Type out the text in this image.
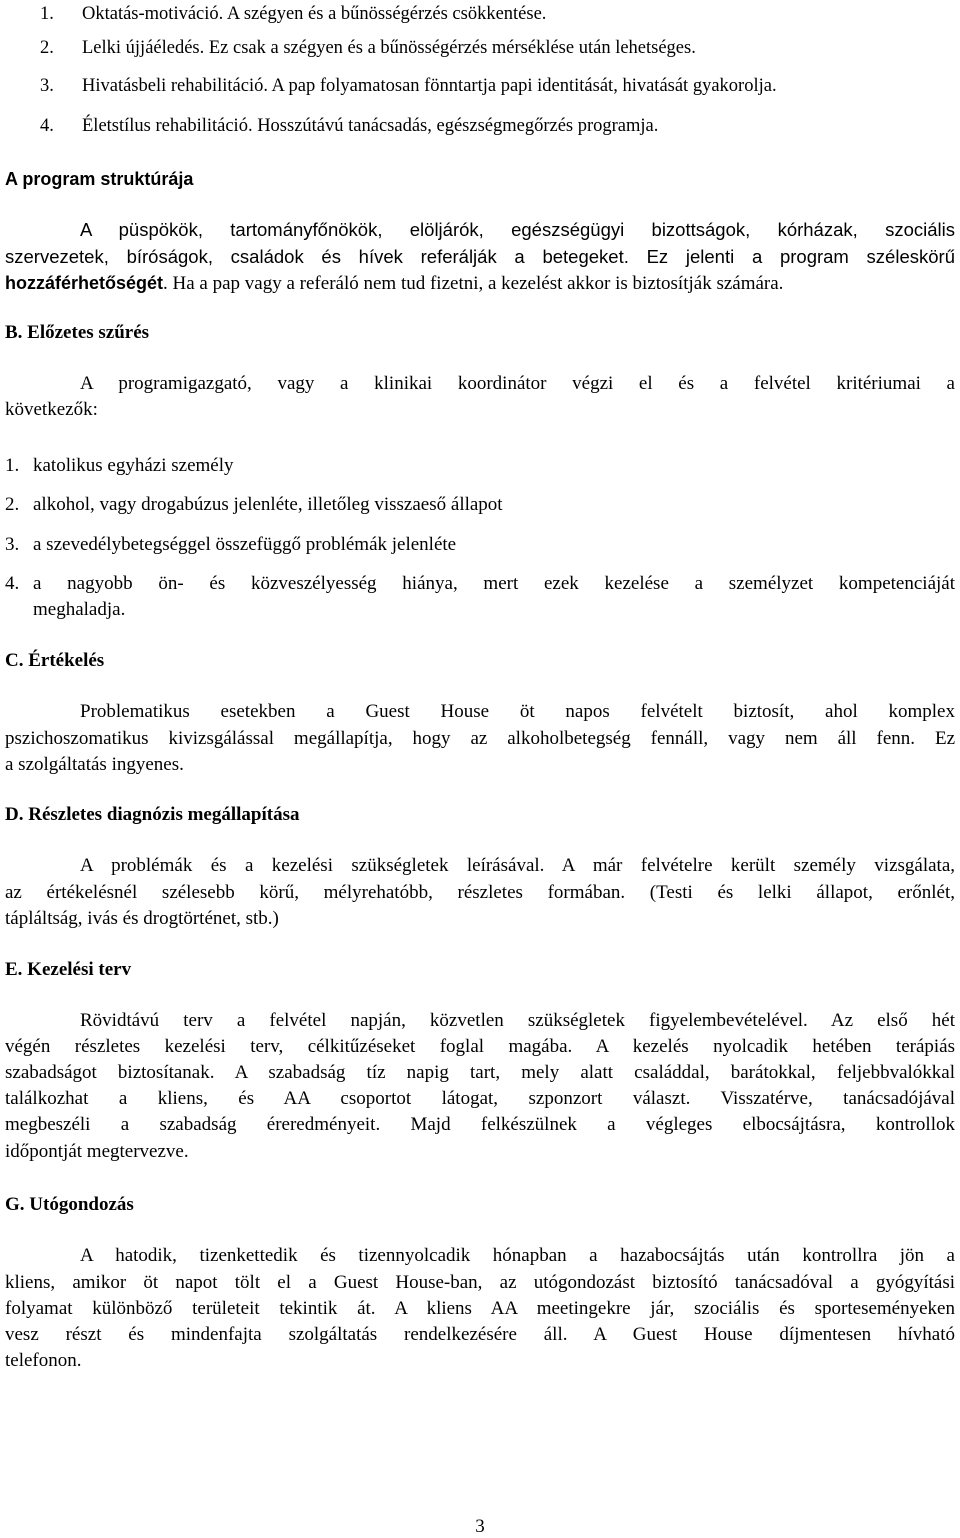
1. Oktatás-motiváció. A szégyen és a bűnösségérzés csökkentése.
2. Lelki újjáéledés. Ez csak a szégyen és a bűnösségérzés mérséklése után lehetséges.
3. Hivatásbeli rehabilitáció. A pap folyamatosan fönntartja papi identitását, hivatását gyakorolja.
4. Életstílus rehabilitáció. Hosszútávú tanácsadás, egészségmegőrzés programja.
A program struktúrája
A püspökök, tartományfőnökök, elöljárók, egészségügyi bizottságok, kórházak, szociális
szervezetek, bíróságok, családok és hívek referálják a betegeket. Ez jelenti a program széleskörű
hozzáférhetőségét. Ha a pap vagy a referáló nem tud fizetni, a kezelést akkor is biztosítják számára.
B. Előzetes szűrés
A programigazgató, vagy a klinikai koordinátor végzi el és a felvétel kritériumai a
következők:
1. katolikus egyházi személy
2. alkohol, vagy drogabúzus jelenléte, illetőleg visszaeső állapot
3. a szevedélybetegséggel összefüggő problémák jelenléte
4. a nagyobb ön- és közveszélyesség hiánya, mert ezek kezelése a személyzet kompetenciáját
meghaladja.
C. Értékelés
Problematikus esetekben a Guest House öt napos felvételt biztosít, ahol komplex
pszichoszomatikus kivizsgálással megállapítja, hogy az alkoholbetegség fennáll, vagy nem áll fenn. Ez
a szolgáltatás ingyenes.
D. Részletes diagnózis megállapítása
A problémák és a kezelési szükségletek leírásával. A már felvételre került személy vizsgálata,
az értékelésnél szélesebb körű, mélyrehatóbb, részletes formában. (Testi és lelki állapot, erőnlét,
tápláltság, ivás és drogtörténet, stb.)
E. Kezelési terv
Rövidtávú terv a felvétel napján, közvetlen szükségletek figyelembevételével. Az első hét
végén részletes kezelési terv, célkitűzéseket foglal magába. A kezelés nyolcadik hetében terápiás
szabadságot biztosítanak. A szabadság tíz napig tart, mely alatt családdal, barátokkal, feljebbvalókkal
találkozhat a kliens, és AA csoportot látogat, szponzort választ. Visszatérve, tanácsadójával
megbeszéli a szabadság éreredményeit. Majd felkészülnek a végleges elbocsájtásra, kontrollok
időpontját megtervezve.
G. Utógondozás
A hatodik, tizenkettedik és tizennyolcadik hónapban a hazabocsájtás után kontrollra jön a
kliens, amikor öt napot tölt el a Guest House-ban, az utógondozást biztosító tanácsadóval a gyógyítási
folyamat különböző területeit tekintik át. A kliens AA meetingekre jár, szociális és sporteseményeken
vesz részt és mindenfajta szolgáltatás rendelkezésére áll. A Guest House díjmentesen hívható
telefonon.
3
